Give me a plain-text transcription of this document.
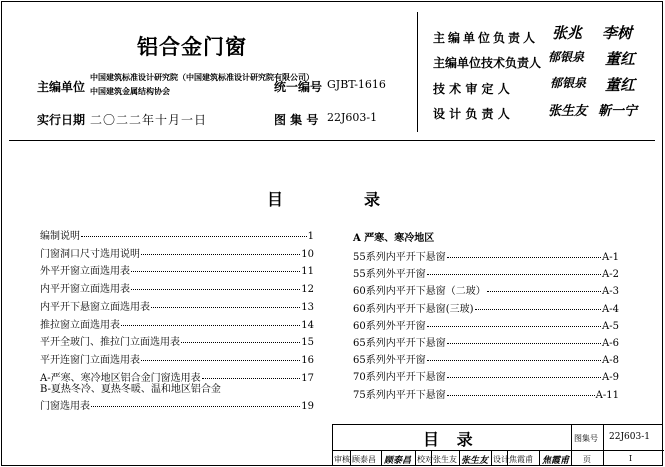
铝合金门窗
主编单位
中国建筑标准设计研究院（中国建筑标准设计研究院有限公司）
中国建筑金属结构协会	统一编号 GJBT-1616
实行日期 二〇二二年十月一日	图 集 号 22J603-1
主编单位负责人 张兆 李树
主编单位技术负责人 郁银泉 董红
技 术 审 定 人	郁银泉 董红
设 计 负 责 人	张生友 靳一宁
目	录
编制说明	1
门窗洞口尺寸选用说明	10
外平开窗立面选用表	11
内平开窗立面选用表	12
内平开下悬窗立面选用表	13
推拉窗立面选用表	14
平开全玻门、推拉门立面选用表	15
平开连窗门立面选用表	16
A-严寒、寒冷地区铝合金门窗选用表	17
B-夏热冬冷、夏热冬暖、温和地区铝合金
门窗选用表	19
A 严寒、寒冷地区
55系列内平开下悬窗	A-1
55系列外平开窗	A-2
60系列内平开下悬窗（二玻）	A-3
60系列内平开下悬窗(三玻)	A-4
60系列外平开窗	A-5
65系列内平开下悬窗	A-6
65系列外平开窗	A-8
70系列内平开下悬窗	A-9
75系列内平开下悬窗	A-11
目 录	图集号 22J603-1
审核 顾泰昌 顾泰昌 校对 张生友 张生友 设计 焦霞甫 焦霞甫 页	I
